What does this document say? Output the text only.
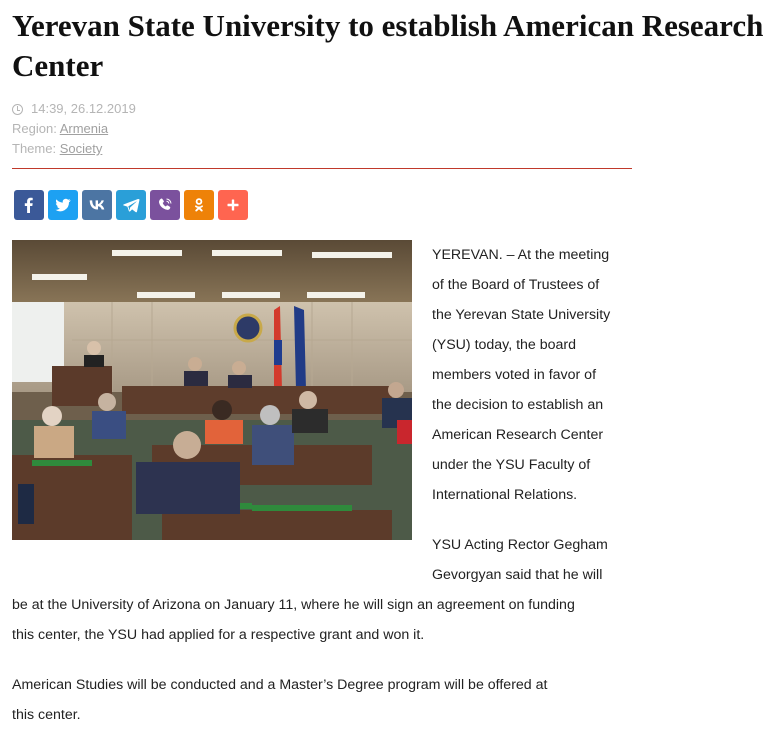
Yerevan State University to establish American Research
Center
14:39, 26.12.2019
Region: Armenia
Theme: Society
YEREVAN. – At the meeting
of the Board of Trustees of
the Yerevan State University
(YSU) today, the board
members voted in favor of
the decision to establish an
American Research Center
under the YSU Faculty of
International Relations.
YSU Acting Rector Gegham
Gevorgyan said that he will
be at the University of Arizona on January 11, where he will sign an agreement on funding
this center, the YSU had applied for a respective grant and won it.
American Studies will be conducted and a Master’s Degree program will be offered at
this center.
